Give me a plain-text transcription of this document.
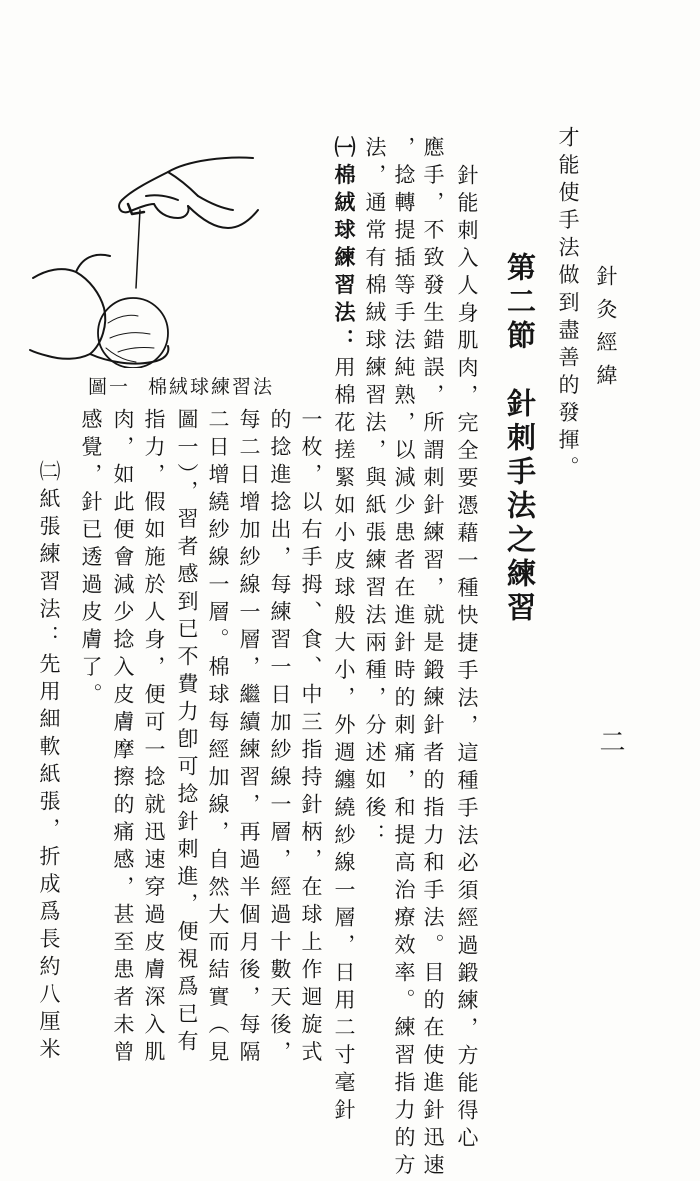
針灸經緯
二
才能使手法做到盡善的發揮。
第二節　針刺手法之練習
針能刺入人身肌肉，完全要憑藉一種快捷手法，這種手法必須經過鍛練，方能得心
應手，不致發生錯誤，所謂刺針練習，就是鍛練針者的指力和手法。目的在使進針迅速
，捻轉提插等手法純熟，以減少患者在進針時的刺痛，和提高治療效率。練習指力的方
法，通常有棉絨球練習法，與紙張練習法兩種，分述如後：
㈠棉絨球練習法：用棉花搓緊如小皮球般大小，外週纏繞紗線一層，日用二寸毫針
一枚，以右手拇、食、中三指持針柄，在球上作迴旋式
的捻進捻出，每練習一日加紗線一層，經過十數天後，
每二日增加紗線一層，繼續練習，再過半個月後，每隔
二日增繞紗線一層。棉球每經加線，自然大而結實（見
圖一），習者感到已不費力卽可捻針刺進，便視爲已有
指力，假如施於人身，便可一捻就迅速穿過皮膚深入肌
肉，如此便會減少捻入皮膚摩擦的痛感，甚至患者未曾
感覺，針已透過皮膚了。
㈡紙張練習法：先用細軟紙張，折成爲長約八厘米
圖一 棉絨球練習法
